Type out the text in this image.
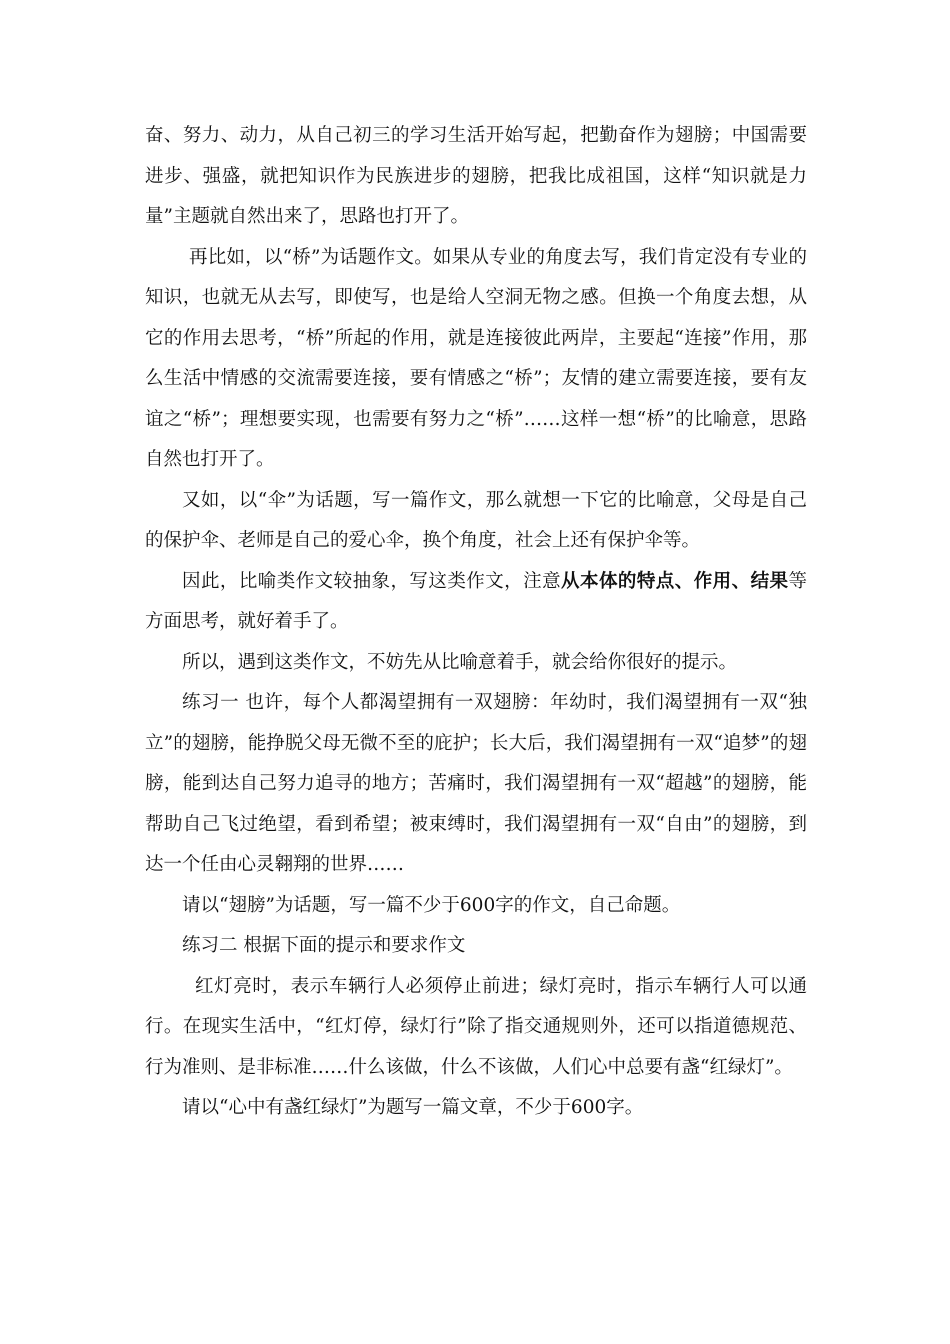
奋、努力、动力，从自己初三的学习生活开始写起，把勤奋作为翅膀；中国需要进步、强盛，就把知识作为民族进步的翅膀，把我比成祖国，这样“知识就是力量”主题就自然出来了，思路也打开了。

再比如，以“桥”为话题作文。如果从专业的角度去写，我们肯定没有专业的知识，也就无从去写，即使写，也是给人空洞无物之感。但换一个角度去想，从它的作用去思考，“桥”所起的作用，就是连接彼此两岸，主要起“连接”作用，那么生活中情感的交流需要连接，要有情感之“桥”；友情的建立需要连接，要有友谊之“桥”；理想要实现，也需要有努力之“桥”……这样一想“桥”的比喻意，思路自然也打开了。

又如，以“伞”为话题，写一篇作文，那么就想一下它的比喻意，父母是自己的保护伞、老师是自己的爱心伞，换个角度，社会上还有保护伞等。

因此，比喻类作文较抽象，写这类作文，注意从本体的特点、作用、结果等方面思考，就好着手了。

所以，遇到这类作文，不妨先从比喻意着手，就会给你很好的提示。

练习一 也许，每个人都渴望拥有一双翅膀：年幼时，我们渴望拥有一双“独立”的翅膀，能挣脱父母无微不至的庇护；长大后，我们渴望拥有一双“追梦”的翅膀，能到达自己努力追寻的地方；苦痛时，我们渴望拥有一双“超越”的翅膀，能帮助自己飞过绝望，看到希望；被束缚时，我们渴望拥有一双“自由”的翅膀，到达一个任由心灵翱翔的世界……

请以“翅膀”为话题，写一篇不少于600字的作文，自己命题。

练习二 根据下面的提示和要求作文

红灯亮时，表示车辆行人必须停止前进；绿灯亮时，指示车辆行人可以通行。在现实生活中，“红灯停，绿灯行”除了指交通规则外，还可以指道德规范、行为准则、是非标准……什么该做，什么不该做，人们心中总要有盏“红绿灯”。

请以“心中有盏红绿灯”为题写一篇文章，不少于600字。
